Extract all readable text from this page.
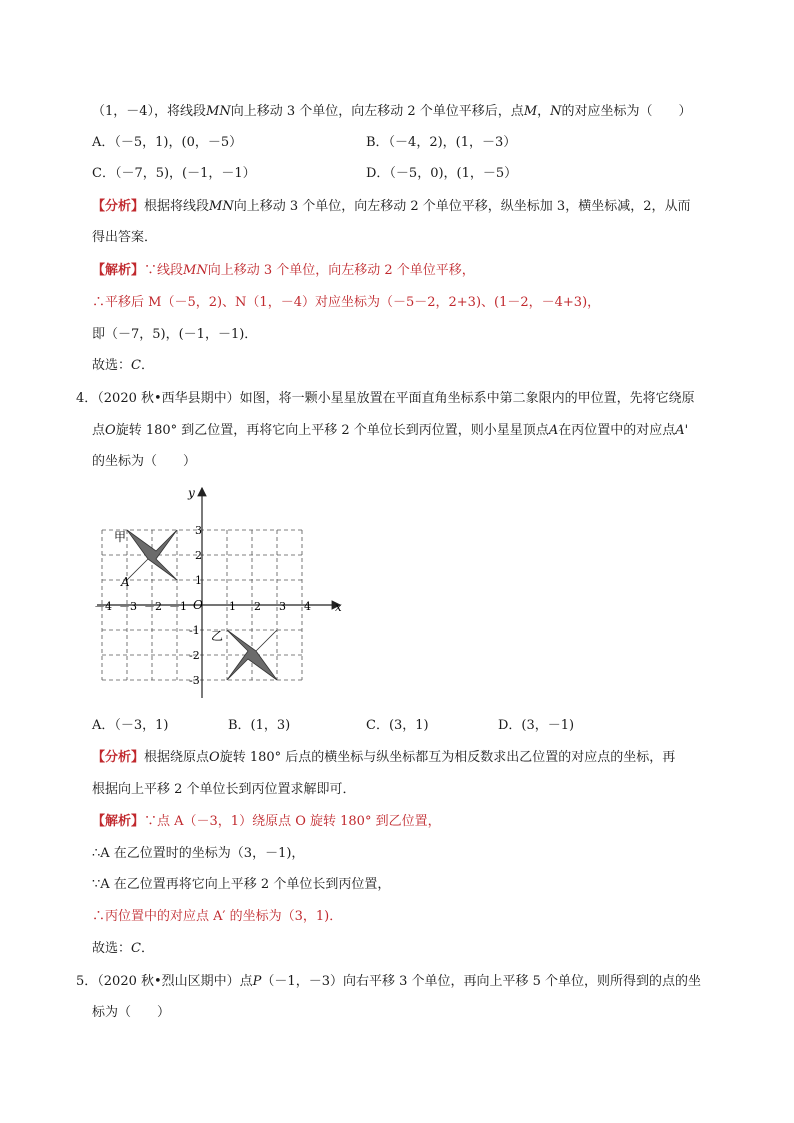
（1，－4），将线段MN向上移动 3 个单位，向左移动 2 个单位平移后，点M，N的对应坐标为（　　）
A．（－5，1)，(0，－5）	B．（－4，2)，(1，－3）
C．（－7，5)，(－1，－1）	D．（－5，0)，(1，－5）
【分析】根据将线段MN向上移动 3 个单位，向左移动 2 个单位平移，纵坐标加 3，横坐标减，2，从而
得出答案．
【解析】∵线段MN向上移动 3 个单位，向左移动 2 个单位平移，
∴平移后 M（－5，2)、N（1，－4）对应坐标为（－5－2，2+3)、(1－2，－4+3)，
即（－7，5)，(－1，－1)．
故选：C．
4．（2020 秋•西华县期中）如图，将一颗小星星放置在平面直角坐标系中第二象限内的甲位置，先将它绕原
点O旋转 180° 到乙位置，再将它向上平移 2 个单位长到丙位置，则小星星顶点A在丙位置中的对应点A'
的坐标为（　　）
y
x
O
甲
乙
A
－4 －3 －2 －1	1 2 3 4
3
2
1
-1
-2
-3
A．（－3，1)	B．(1，3)	C．(3，1)	D．(3，－1)
【分析】根据绕原点O旋转 180° 后点的横坐标与纵坐标都互为相反数求出乙位置的对应点的坐标，再
根据向上平移 2 个单位长到丙位置求解即可．
【解析】∵点 A（－3，1）绕原点 O 旋转 180° 到乙位置，
∴A 在乙位置时的坐标为（3，－1)，
∵A 在乙位置再将它向上平移 2 个单位长到丙位置，
∴丙位置中的对应点 A′ 的坐标为（3，1)．
故选：C．
5．（2020 秋•烈山区期中）点P（－1，－3）向右平移 3 个单位，再向上平移 5 个单位，则所得到的点的坐
标为（　　）
